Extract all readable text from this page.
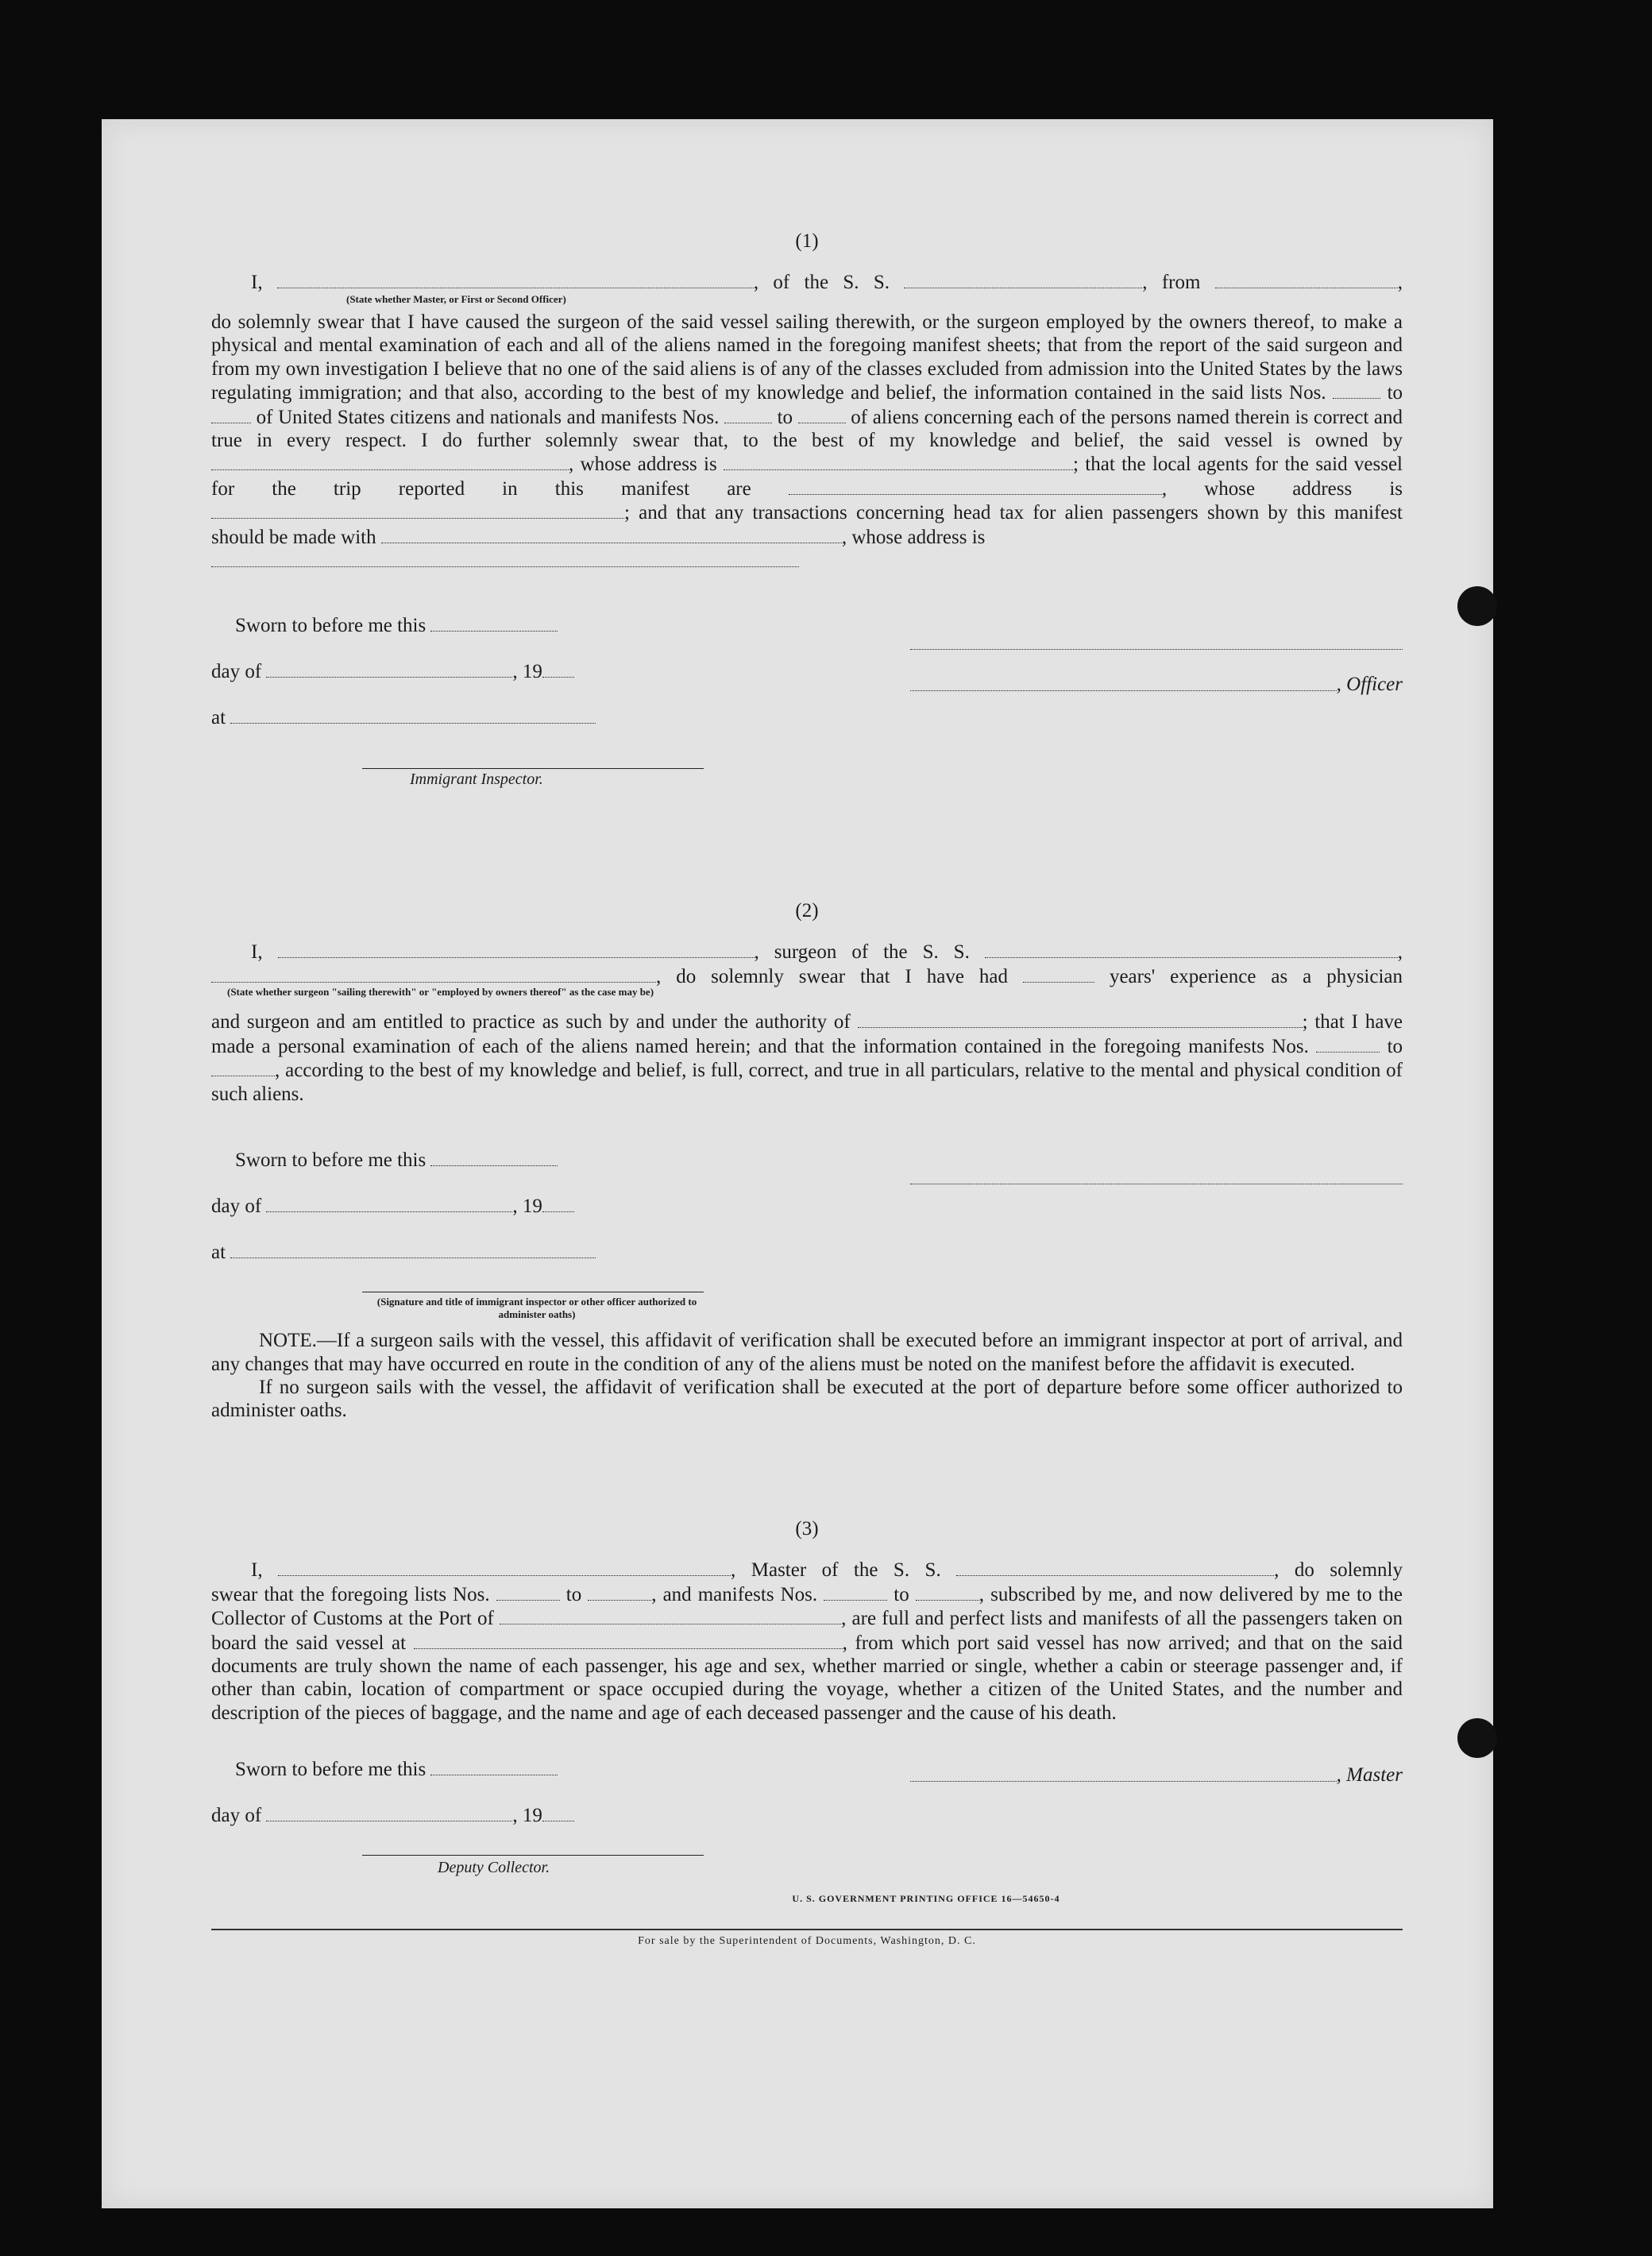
(1)
I,	, of the S. S.	, from	,
(State whether Master, or First or Second Officer)
do solemnly swear that I have caused the surgeon of the said vessel sailing therewith, or the surgeon employed by the owners thereof, to make a physical and mental examination of each and all of the aliens named in the foregoing manifest sheets; that from the report of the said surgeon and from my own investigation I believe that no one of the said aliens is of any of the classes excluded from admission into the United States by the laws regulating immigration; and that also, according to the best of my knowledge and belief, the information contained in the said lists Nos.	to  of United States citizens and nationals and manifests Nos.	to	of aliens concerning each of the persons named therein is correct and true in every respect. I do further solemnly swear that, to the best of my knowledge and belief, the said vessel is owned by , whose address is	; that the local agents for the said vessel for the trip reported in this manifest are	, whose address is ; and that any transactions concerning head tax for alien passengers shown by this manifest should be made with	, whose address is

Sworn to before me this
day of	, 19
at
, Officer
Immigrant Inspector.
(2)
I,	, surgeon of the S. S.	,
, do solemnly swear that I have had	years' experience as a physician
(State whether surgeon "sailing therewith" or "employed by owners thereof" as the case may be)
and surgeon and am entitled to practice as such by and under the authority of	; that I have made a personal examination of each of the aliens named herein; and that the information contained in the foregoing manifests Nos.	to , according to the best of my knowledge and belief, is full, correct, and true in all particulars, relative to the mental and physical condition of such aliens.
Sworn to before me this
day of	, 19
at
(Signature and title of immigrant inspector or other officer authorized to administer oaths)
NOTE.—If a surgeon sails with the vessel, this affidavit of verification shall be executed before an immigrant inspector at port of arrival, and any changes that may have occurred en route in the condition of any of the aliens must be noted on the manifest before the affidavit is executed.
If no surgeon sails with the vessel, the affidavit of verification shall be executed at the port of departure before some officer authorized to administer oaths.
(3)
I,	, Master of the S. S.	, do solemnly
swear that the foregoing lists Nos.	to	, and manifests Nos.	to	, subscribed by me, and now delivered by me to the Collector of Customs at the Port of	, are full and perfect lists and manifests of all the passengers taken on board the said vessel at	, from which port said vessel has now arrived; and that on the said documents are truly shown the name of each passenger, his age and sex, whether married or single, whether a cabin or steerage passenger and, if other than cabin, location of compartment or space occupied during the voyage, whether a citizen of the United States, and the number and description of the pieces of baggage, and the name and age of each deceased passenger and the cause of his death.
Sworn to before me this
day of	, 19
, Master
Deputy Collector.
U. S. GOVERNMENT PRINTING OFFICE 16—54650-4
For sale by the Superintendent of Documents, Washington, D. C.
